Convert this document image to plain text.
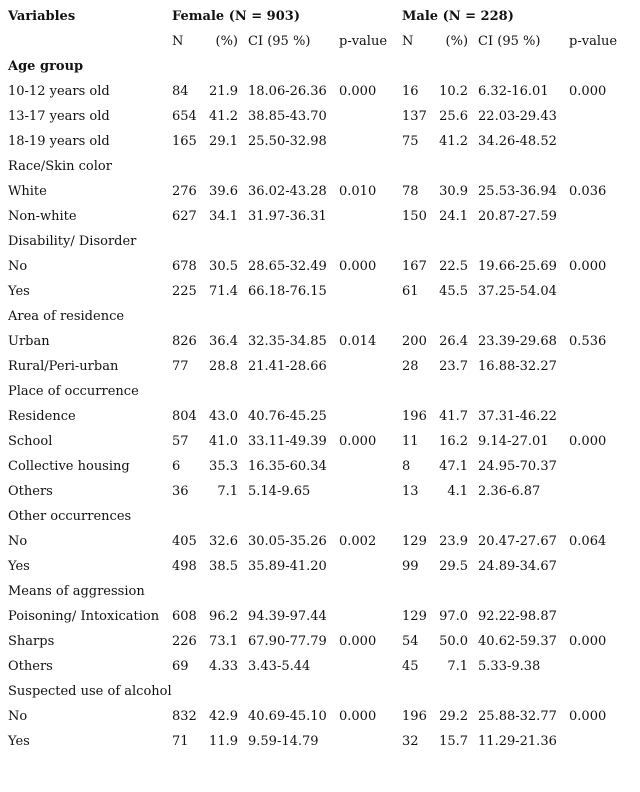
Variables	Female (N = 903)				Male (N = 228)			
	N	(%)	CI (95 %)	p-value	N	(%)	CI (95 %)	p-value
Age group								
10-12 years old	84	21.9	18.06-26.36	0.000	16	10.2	6.32-16.01	0.000
13-17 years old	654	41.2	38.85-43.70		137	25.6	22.03-29.43	
18-19 years old	165	29.1	25.50-32.98		75	41.2	34.26-48.52	
Race/Skin color								
White	276	39.6	36.02-43.28	0.010	78	30.9	25.53-36.94	0.036
Non-white	627	34.1	31.97-36.31		150	24.1	20.87-27.59	
Disability/ Disorder								
No	678	30.5	28.65-32.49	0.000	167	22.5	19.66-25.69	0.000
Yes	225	71.4	66.18-76.15		61	45.5	37.25-54.04	
Area of residence								
Urban	826	36.4	32.35-34.85	0.014	200	26.4	23.39-29.68	0.536
Rural/Peri-urban	77	28.8	21.41-28.66		28	23.7	16.88-32.27	
Place of occurrence								
Residence	804	43.0	40.76-45.25		196	41.7	37.31-46.22	
School	57	41.0	33.11-49.39	0.000	11	16.2	9.14-27.01	0.000
Collective housing	6	35.3	16.35-60.34		8	47.1	24.95-70.37	
Others	36	7.1	5.14-9.65		13	4.1	2.36-6.87	
Other occurrences								
No	405	32.6	30.05-35.26	0.002	129	23.9	20.47-27.67	0.064
Yes	498	38.5	35.89-41.20		99	29.5	24.89-34.67	
Means of aggression								
Poisoning/ Intoxication	608	96.2	94.39-97.44		129	97.0	92.22-98.87	
Sharps	226	73.1	67.90-77.79	0.000	54	50.0	40.62-59.37	0.000
Others	69	4.33	3.43-5.44		45	7.1	5.33-9.38	
Suspected use of alcohol								
No	832	42.9	40.69-45.10	0.000	196	29.2	25.88-32.77	0.000
Yes	71	11.9	9.59-14.79		32	15.7	11.29-21.36	
